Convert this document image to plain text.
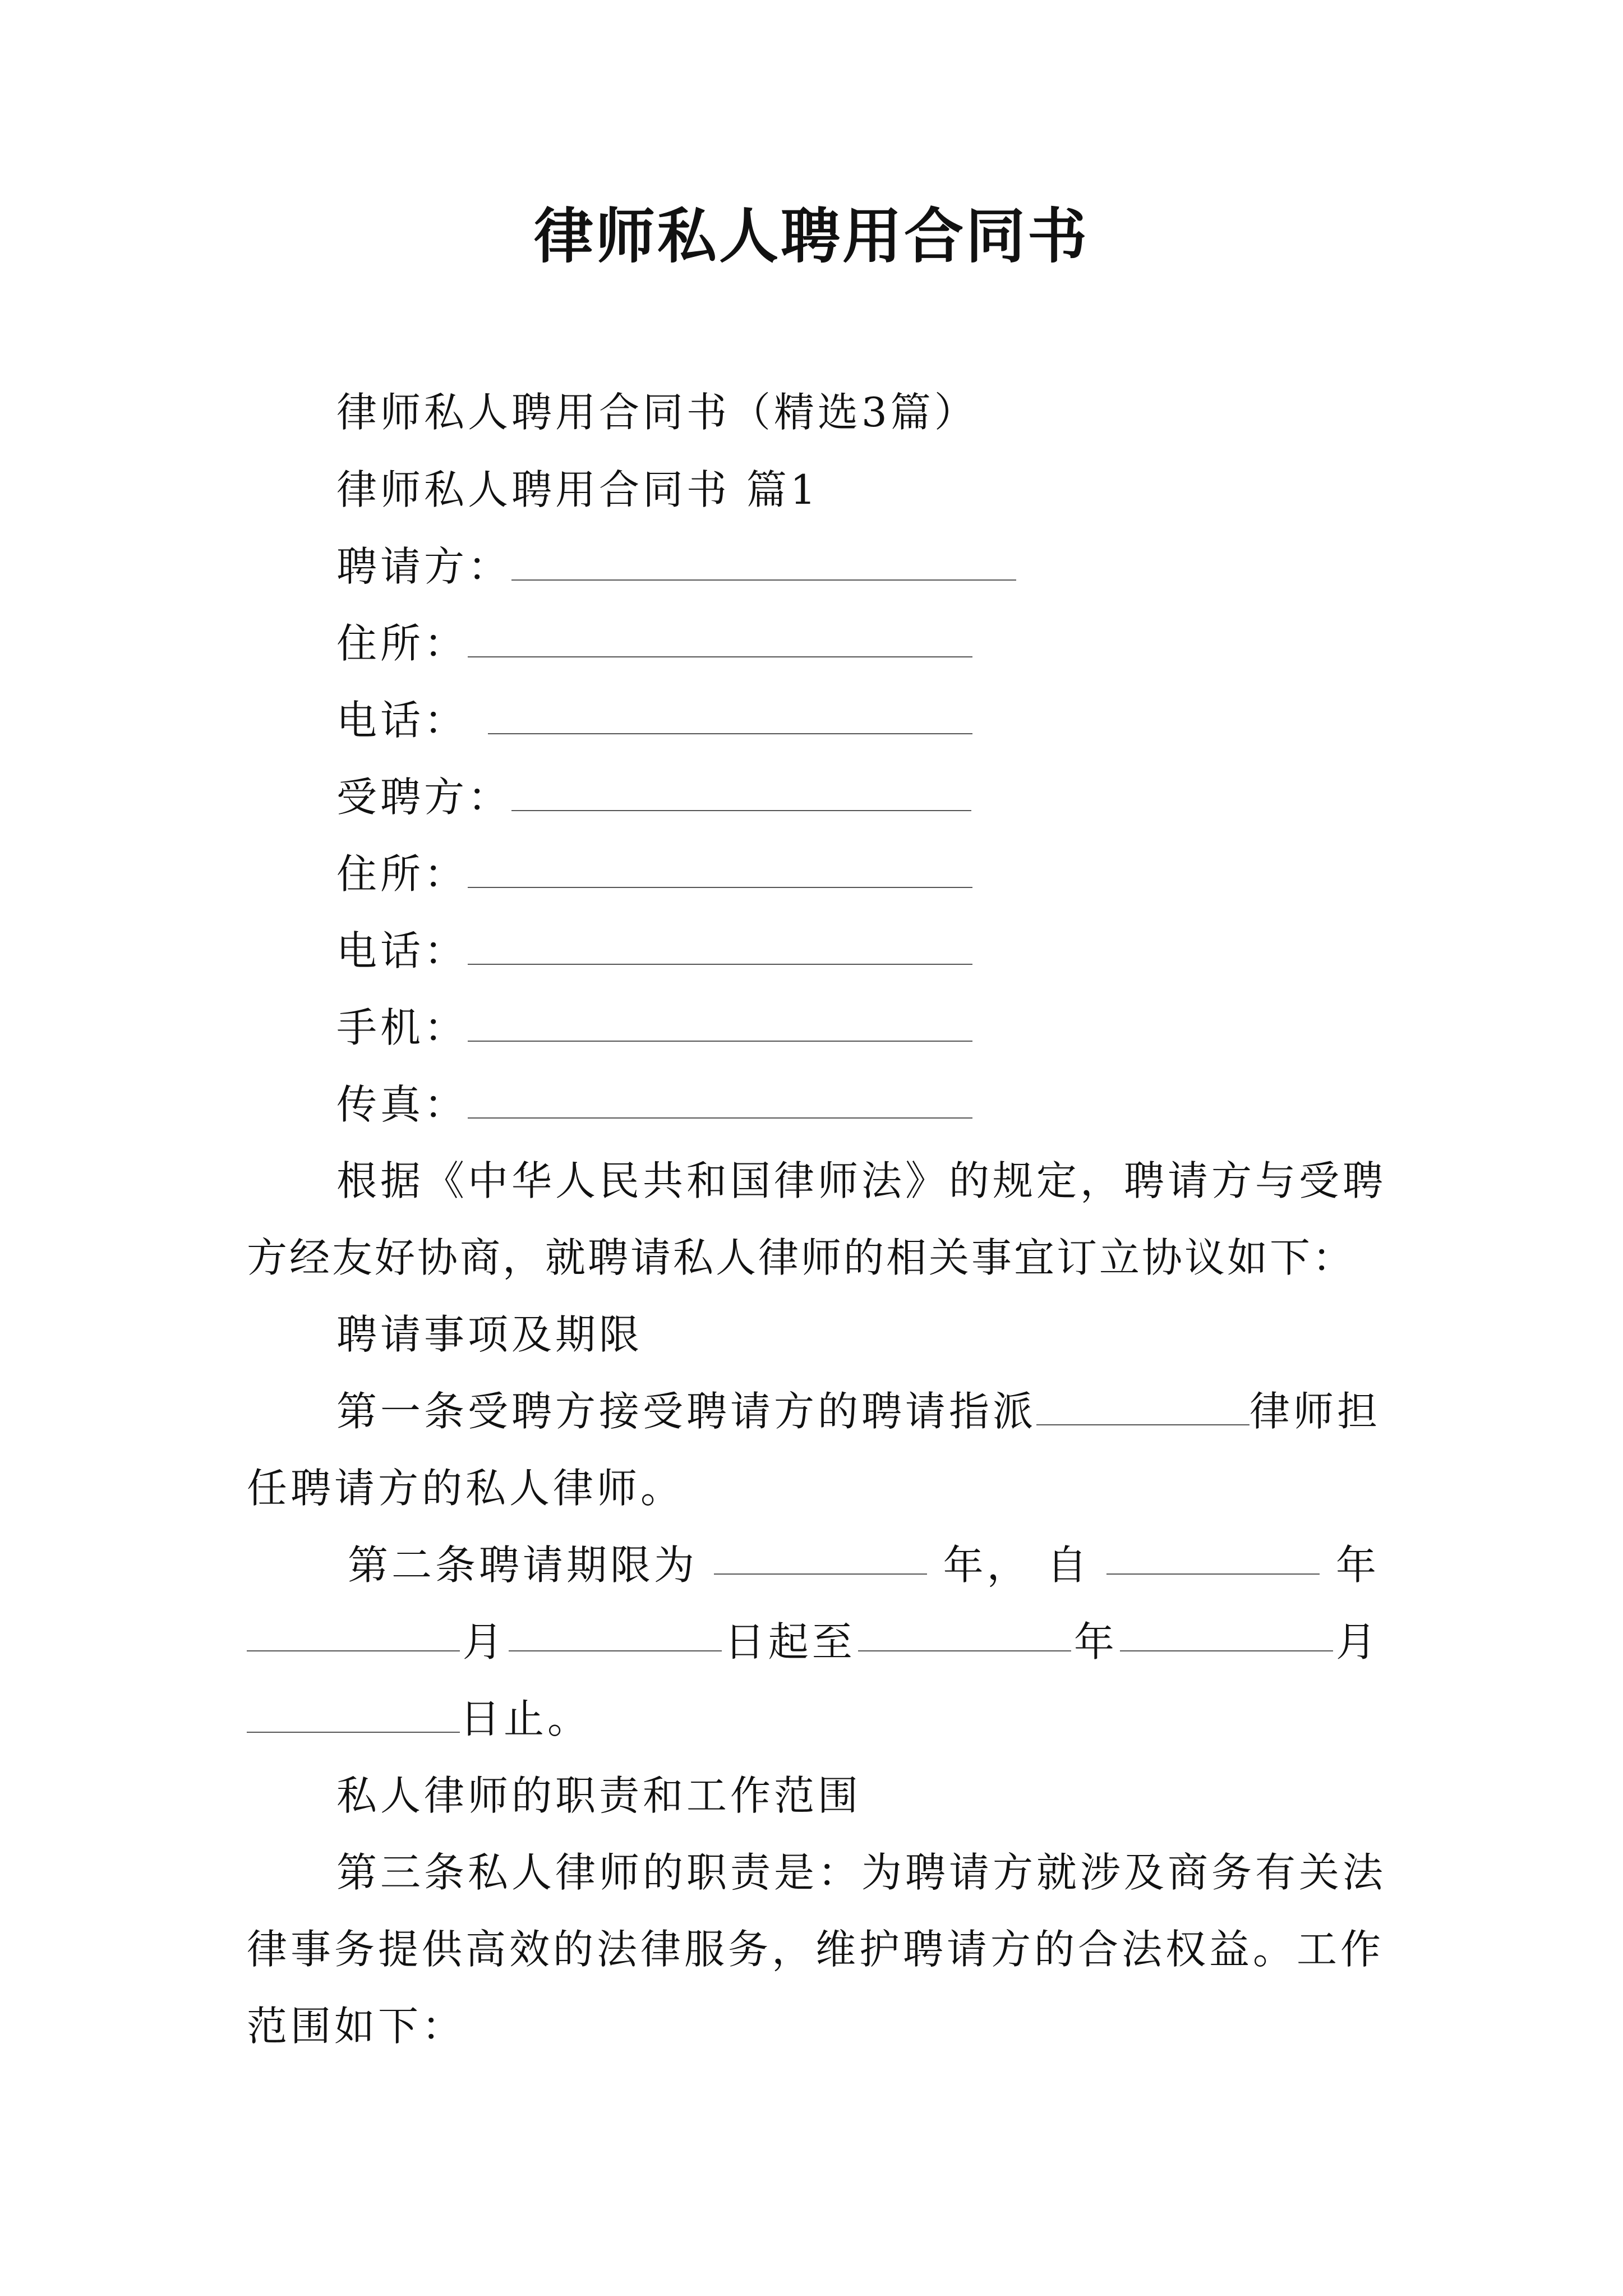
律师私人聘用合同书
律师私人聘用合同书（精选3篇）
律师私人聘用合同书 篇1
聘请方：
住所：
电话：
受聘方：
住所：
电话：
手机：
传真：
根据《中华人民共和国律师法》的规定，聘请方与受聘
方经友好协商，就聘请私人律师的相关事宜订立协议如下：
聘请事项及期限
第一条受聘方接受聘请方的聘请指派	律师担
任聘请方的私人律师。
第二条聘请期限为	年， 自	年
月	日起至	年	月
日止。
私人律师的职责和工作范围
第三条私人律师的职责是：为聘请方就涉及商务有关法
律事务提供高效的法律服务，维护聘请方的合法权益。工作
范围如下：
